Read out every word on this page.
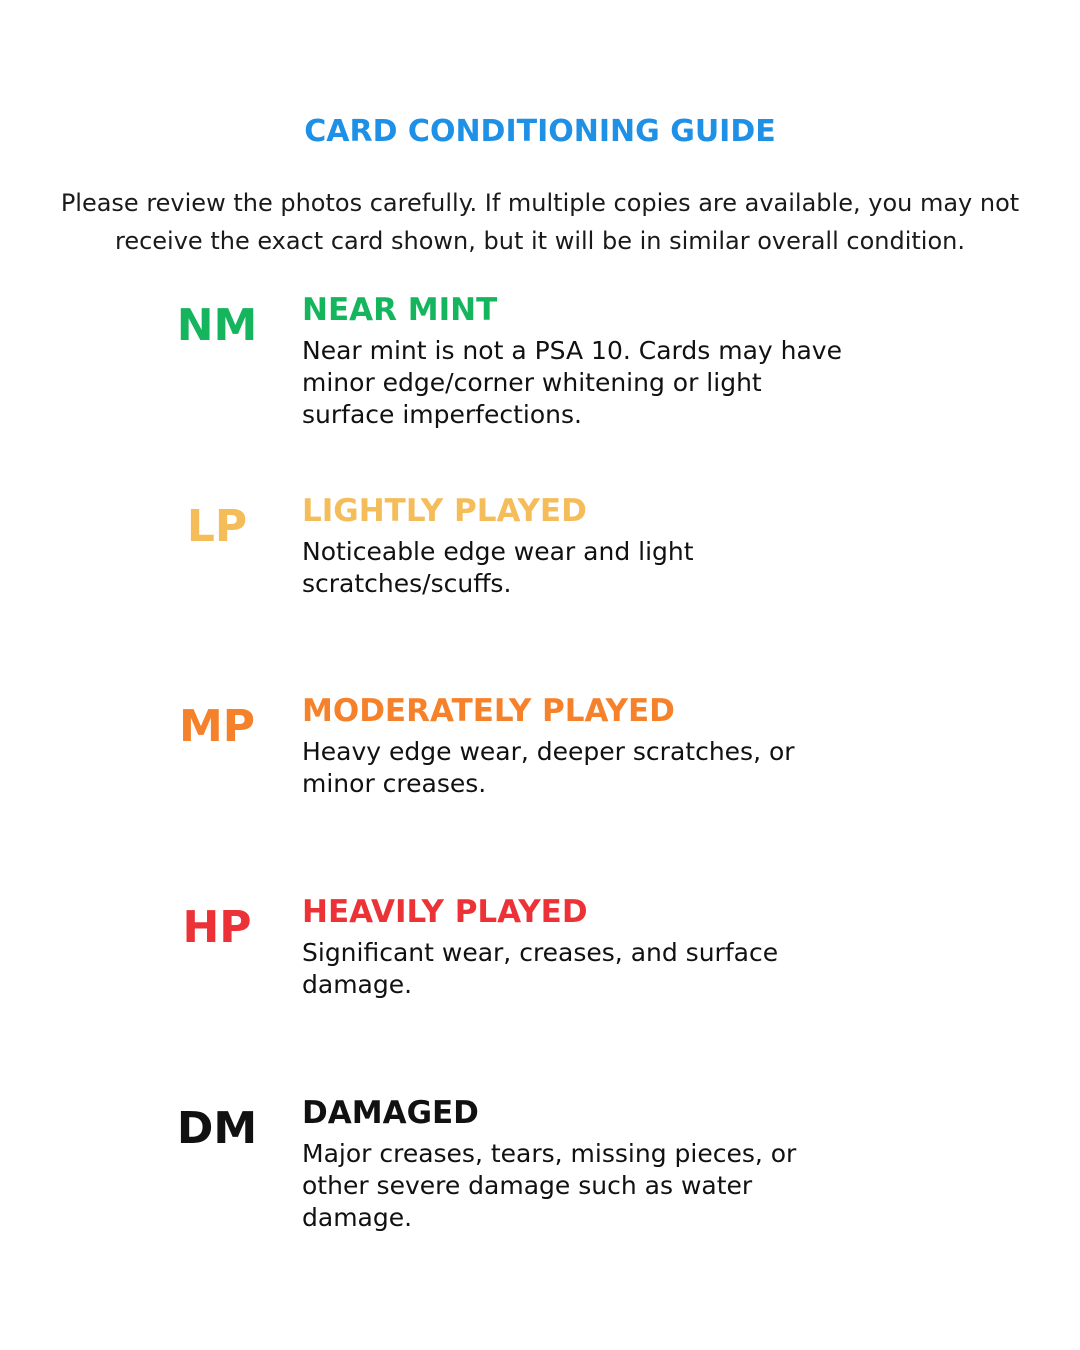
CARD CONDITIONING GUIDE
Please review the photos carefully. If multiple copies are available, you may not receive the exact card shown, but it will be in similar overall condition.
NM	NEAR MINT
Near mint is not a PSA 10. Cards may have minor edge/corner whitening or light surface imperfections.
LP	LIGHTLY PLAYED
Noticeable edge wear and light scratches/scuffs.
MP	MODERATELY PLAYED
Heavy edge wear, deeper scratches, or minor creases.
HP	HEAVILY PLAYED
Significant wear, creases, and surface damage.
DM	DAMAGED
Major creases, tears, missing pieces, or other severe damage such as water damage.
